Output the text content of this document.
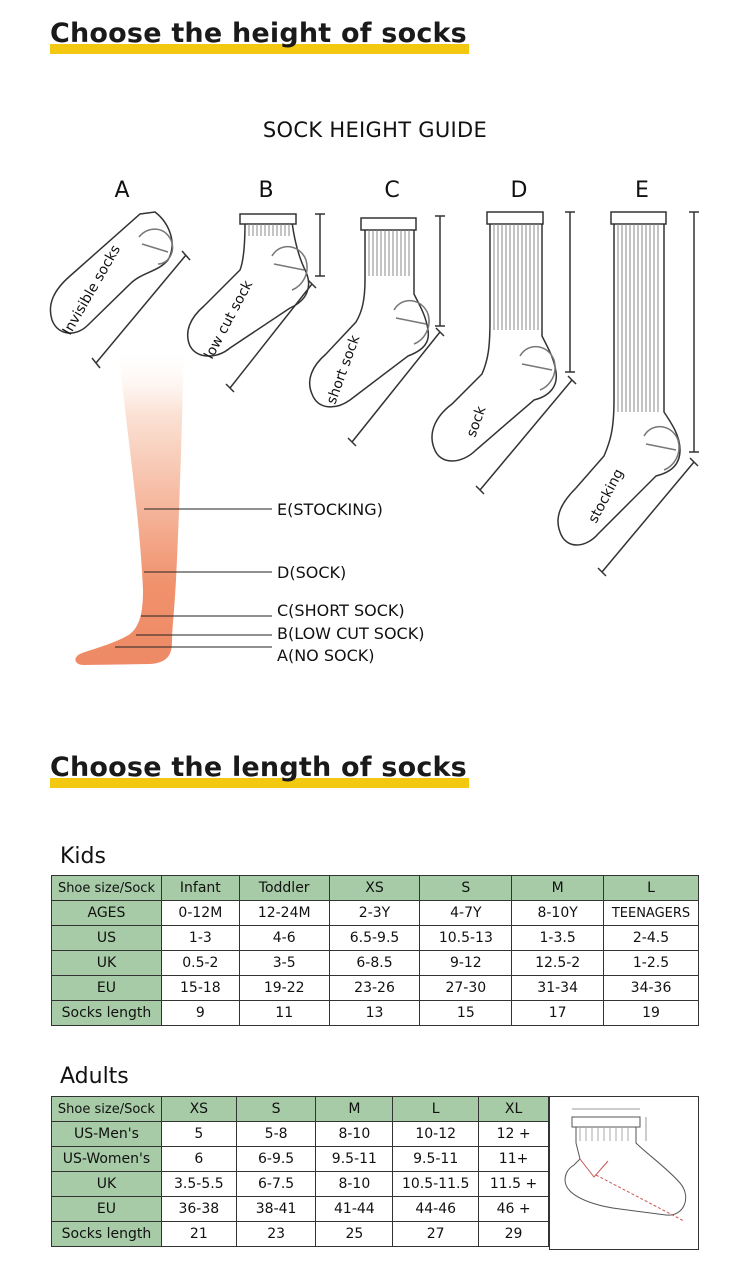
Choose the height of socks
SOCK HEIGHT GUIDE
A	B	C	D	E
E(STOCKING)
D(SOCK)
C(SHORT SOCK)
B(LOW CUT SOCK)
A(NO SOCK)
Invisible socks	low cut sock
short sock
sock
stocking
Choose the length of socks
Kids
Shoe size/Sock	Infant	Toddler	XS	S	M	L
AGES	0-12M	12-24M	2-3Y	4-7Y	8-10Y	TEENAGERS
US	1-3	4-6	6.5-9.5	10.5-13	1-3.5	2-4.5
UK	0.5-2	3-5	6-8.5	9-12	12.5-2	1-2.5
EU	15-18	19-22	23-26	27-30	31-34	34-36
Socks length	9	11	13	15	17	19
Adults
Shoe size/Sock	XS	S	M	L	XL
US-Men's	5	5-8	8-10	10-12	12 +
US-Women's	6	6-9.5	9.5-11	9.5-11	11+
UK	3.5-5.5	6-7.5	8-10	10.5-11.5	11.5 +
EU	36-38	38-41	41-44	44-46	46 +
Socks length	21	23	25	27	29
